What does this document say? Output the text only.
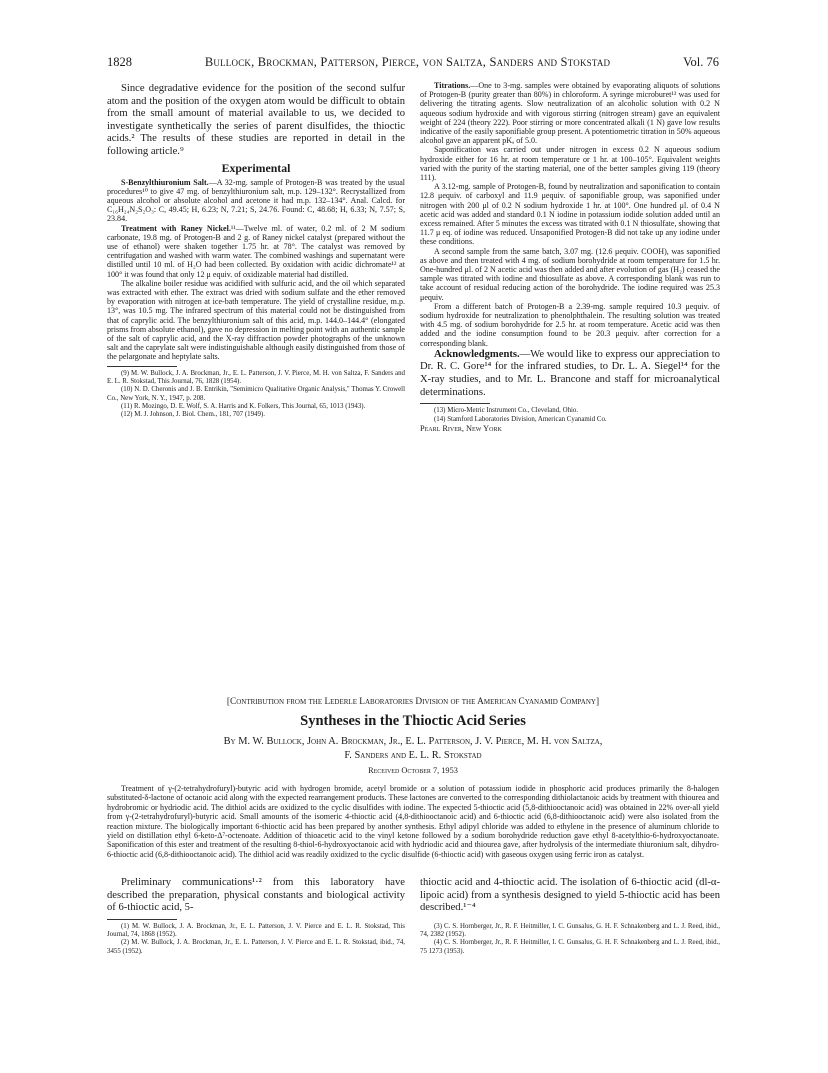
1828	Bullock, Brockman, Patterson, Pierce, von Saltza, Sanders and Stokstad	Vol. 76

Since degradative evidence for the position of the second sulfur atom and the position of the oxygen atom would be difficult to obtain from the small amount of material available to us, we decided to investigate synthetically the series of parent disulfides, the thioctic acids.² The results of these studies are reported in detail in the following article.⁹

Experimental

S-Benzylthiuronium Salt.—A 32-mg. sample of Protogen-B was treated by the usual procedures¹⁰ to give 47 mg. of benzylthiuronium salt, m.p. 129–132°. Recrystallized from aqueous alcohol or absolute alcohol and acetone it had m.p. 132–134°. Anal. Calcd. for C₁₆H₂₄N₂S₂O₃: C, 49.45; H, 6.23; N, 7.21; S, 24.76. Found: C, 48.68; H, 6.33; N, 7.57; S, 23.84.

Treatment with Raney Nickel.¹¹—Twelve ml. of water, 0.2 ml. of 2 M sodium carbonate, 19.8 mg. of Protogen-B and 2 g. of Raney nickel catalyst (prepared without the use of ethanol) were shaken together 1.75 hr. at 78°. The catalyst was removed by centrifugation and washed with warm water. The combined washings and supernatant were distilled until 10 ml. of H₂O had been collected. By oxidation with acidic dichromate¹² at 100° it was found that only 12 μ equiv. of oxidizable material had distilled.

The alkaline boiler residue was acidified with sulfuric acid, and the oil which separated was extracted with ether. The extract was dried with sodium sulfate and the ether removed by evaporation with nitrogen at ice-bath temperature. The yield of crystalline residue, m.p. 13°, was 10.5 mg. The infrared spectrum of this material could not be distinguished from that of caprylic acid. The benzylthiuronium salt of this acid, m.p. 144.0–144.4° (elongated prisms from absolute ethanol), gave no depression in melting point with an authentic sample of the salt of caprylic acid, and the X-ray diffraction powder photographs of the unknown salt and the caprylate salt were indistinguishable although easily distinguished from those of the pelargonate and heptylate salts.

(9) M. W. Bullock, J. A. Brockman, Jr., E. L. Patterson, J. V. Pierce, M. H. von Saltza, F. Sanders and E. L. R. Stokstad, This Journal, 76, 1828 (1954).

(10) N. D. Cheronis and J. B. Entrikin, "Semimicro Qualitative Organic Analysis," Thomas Y. Crowell Co., New York, N. Y., 1947, p. 208.

(11) R. Mozingo, D. E. Wolf, S. A. Harris and K. Folkers, This Journal, 65, 1013 (1943).

(12) M. J. Johnson, J. Biol. Chem., 181, 707 (1949).

Titrations.—One to 3-mg. samples were obtained by evaporating aliquots of solutions of Protogen-B (purity greater than 80%) in chloroform. A syringe microburet¹³ was used for delivering the titrating agents. Slow neutralization of an alcoholic solution with 0.2 N aqueous sodium hydroxide and with vigorous stirring (nitrogen stream) gave an equivalent weight of 224 (theory 222). Poor stirring or more concentrated alkali (1 N) gave low results indicative of the easily saponifiable group present. A potentiometric titration in 50% aqueous alcohol gave an apparent pKₐ of 5.0.

Saponification was carried out under nitrogen in excess 0.2 N aqueous sodium hydroxide either for 16 hr. at room temperature or 1 hr. at 100–105°. Equivalent weights varied with the purity of the starting material, one of the better samples giving 119 (theory 111).

A 3.12-mg. sample of Protogen-B, found by neutralization and saponification to contain 12.8 μequiv. of carboxyl and 11.9 μequiv. of saponifiable group, was saponified under nitrogen with 200 μl of 0.2 N sodium hydroxide 1 hr. at 100°. One hundred μl. of 0.4 N acetic acid was added and standard 0.1 N iodine in potassium iodide solution added until an excess remained. After 5 minutes the excess was titrated with 0.1 N thiosulfate, showing that 11.7 μ eq. of iodine was reduced. Unsaponified Protogen-B did not take up any iodine under these conditions.

A second sample from the same batch, 3.07 mg. (12.6 μequiv. COOH), was saponified as above and then treated with 4 mg. of sodium borohydride at room temperature for 1.5 hr. One-hundred μl. of 2 N acetic acid was then added and after evolution of gas (H₂) ceased the sample was titrated with iodine and thiosulfate as above. A corresponding blank was run to take account of residual reducing action of the borohydride. The iodine required was 25.3 μequiv.

From a different batch of Protogen-B a 2.39-mg. sample required 10.3 μequiv. of sodium hydroxide for neutralization to phenolphthalein. The resulting solution was treated with 4.5 mg. of sodium borohydride for 2.5 hr. at room temperature. Acetic acid was then added and the iodine consumption found to be 20.3 μequiv. after correction for a corresponding blank.

Acknowledgments.—We would like to express our appreciation to Dr. R. C. Gore¹⁴ for the infrared studies, to Dr. L. A. Siegel¹⁴ for the X-ray studies, and to Mr. L. Brancone and staff for microanalytical determinations.

(13) Micro-Metric Instrument Co., Cleveland, Ohio.

(14) Stamford Laboratories Division, American Cyanamid Co.

Pearl River, New York

[Contribution from the Lederle Laboratories Division of the American Cyanamid Company]
Syntheses in the Thioctic Acid Series
By M. W. Bullock, John A. Brockman, Jr., E. L. Patterson, J. V. Pierce, M. H. von Saltza,
F. Sanders and E. L. R. Stokstad
Received October 7, 1953
Treatment of γ-(2-tetrahydrofuryl)-butyric acid with hydrogen bromide, acetyl bromide or a solution of potassium iodide in phosphoric acid produces primarily the 8-halogen substituted-δ-lactone of octanoic acid along with the expected rearrangement products. These lactones are converted to the corresponding dithiolactanoic acids by treatment with thiourea and hydrobromic or hydriodic acid. The dithiol acids are oxidized to the cyclic disulfides with iodine. The expected 5-thioctic acid (5,8-dithiooctanoic acid) was obtained in 22% over-all yield from γ-(2-tetrahydrofuryl)-butyric acid. Small amounts of the isomeric 4-thioctic acid (4,8-dithiooctanoic acid) and 6-thioctic acid (6,8-dithiooctanoic acid) were also isolated from the reaction mixture. The biologically important 6-thioctic acid has been prepared by another synthesis. Ethyl adipyl chloride was added to ethylene in the presence of aluminum chloride to yield on distillation ethyl 6-keto-Δ⁷-octenoate. Addition of thioacetic acid to the vinyl ketone followed by a sodium borohydride reduction gave ethyl 8-acetylthio-6-hydroxyoctanoate. Saponification of this ester and treatment of the resulting 8-thiol-6-hydroxyoctanoic acid with hydriodic acid and thiourea gave, after hydrolysis of the intermediate thiuronium salt, dihydro-6-thioctic acid (6,8-dithiooctanoic acid). The dithiol acid was readily oxidized to the cyclic disulfide (6-thioctic acid) with gaseous oxygen using ferric iron as catalyst.

Preliminary communications¹·² from this laboratory have described the preparation, physical constants and biological activity of 6-thioctic acid, 5-

(1) M. W. Bullock, J. A. Brockman, Jr., E. L. Patterson, J. V. Pierce and E. L. R. Stokstad, This Journal, 74, 1868 (1952).

(2) M. W. Bullock, J. A. Brockman, Jr., E. L. Patterson, J. V. Pierce and E. L. R. Stokstad, ibid., 74, 3455 (1952).

thioctic acid and 4-thioctic acid. The isolation of 6-thioctic acid (dl-α-lipoic acid) from a synthesis designed to yield 5-thioctic acid has been described.¹⁻⁴

(3) C. S. Hornberger, Jr., R. F. Heitmiller, I. C. Gunsalus, G. H. F. Schnakenberg and L. J. Reed, ibid., 74, 2382 (1952).

(4) C. S. Hornberger, Jr., R. F. Heitmiller, I. C. Gunsalus, G. H. F. Schnakenberg and L. J. Reed, ibid., 75 1273 (1953).
